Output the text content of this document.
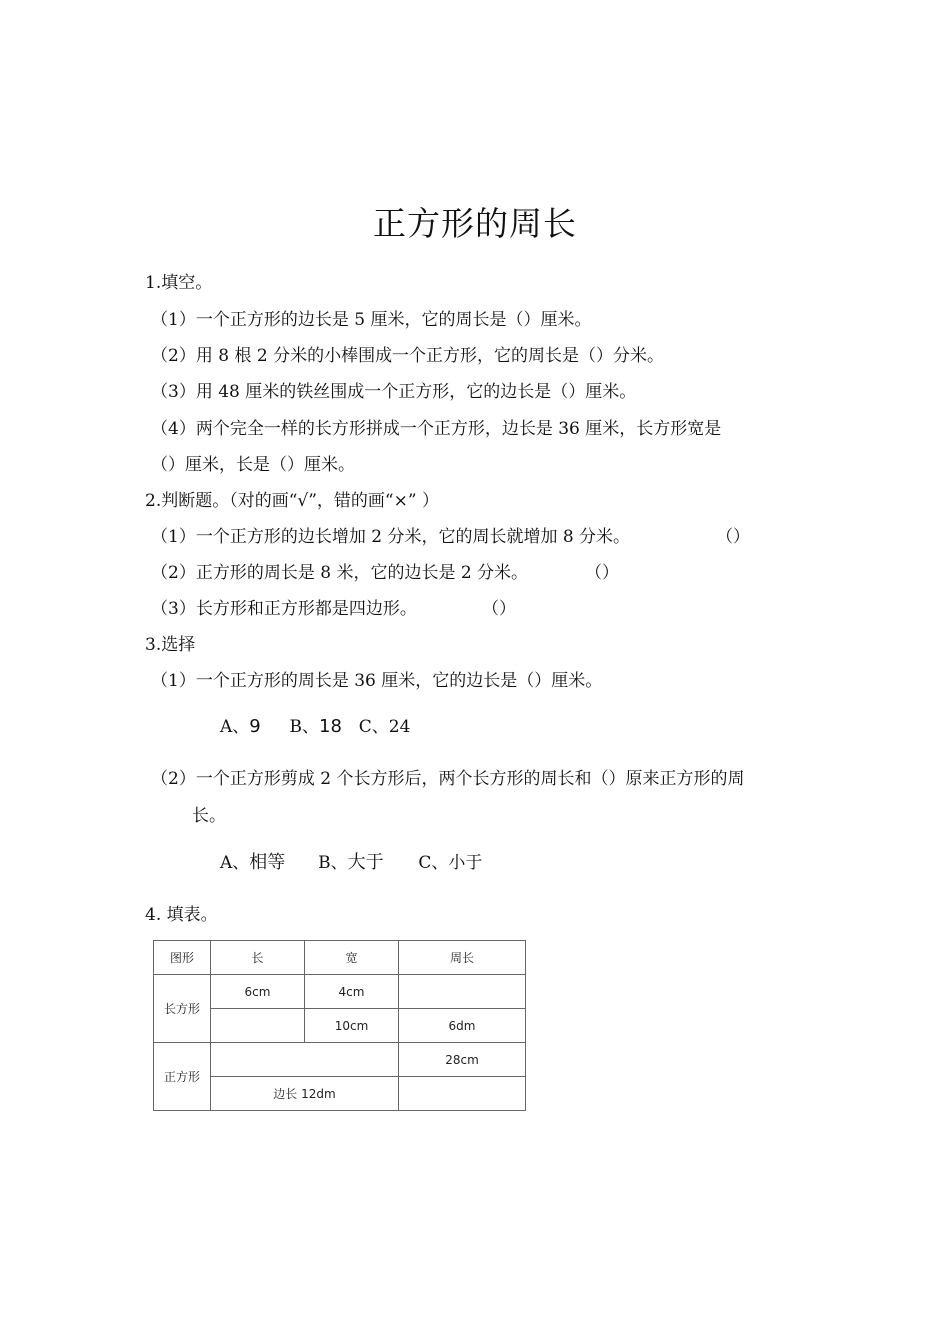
正方形的周长
1.填空。
（1）一个正方形的边长是 5 厘米，它的周长是（）厘米。
（2）用 8 根 2 分米的小棒围成一个正方形，它的周长是（）分米。
（3）用 48 厘米的铁丝围成一个正方形，它的边长是（）厘米。
（4）两个完全一样的长方形拼成一个正方形，边长是 36 厘米，长方形宽是
（）厘米，长是（）厘米。
2.判断题。（对的画“√”，错的画“×” ）
（1）一个正方形的边长增加 2 分米，它的周长就增加 8 分米。	（）
（2）正方形的周长是 8 米，它的边长是 2 分米。	（）
（3）长方形和正方形都是四边形。	（）
3.选择
（1）一个正方形的周长是 36 厘米，它的边长是（）厘米。
A、9 B、18 C、24
（2）一个正方形剪成 2 个长方形后，两个长方形的周长和（）原来正方形的周
长。
A、相等 B、大于 C、小于
4. 填表。
图形	长	宽	周长
长方形	6cm	4cm	
		10cm	6dm
正方形			28cm
	边长 12dm		
